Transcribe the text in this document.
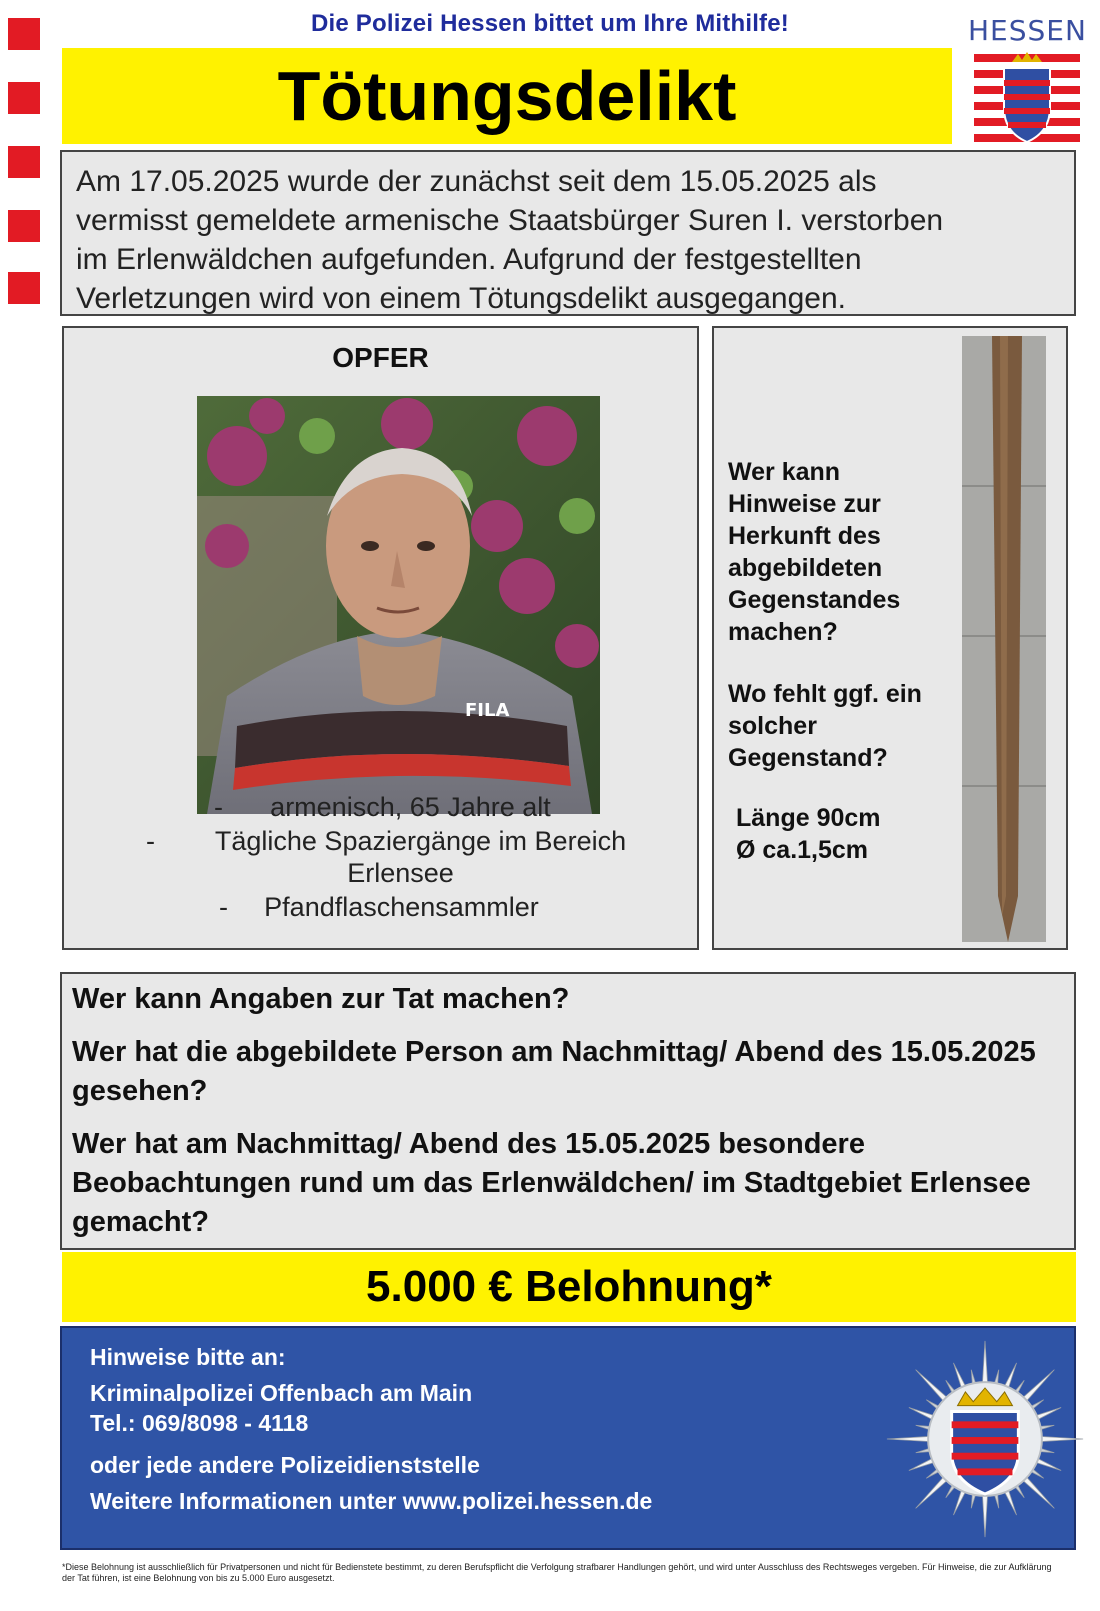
Die Polizei Hessen bittet um Ihre Mithilfe!
Tötungsdelikt
HESSEN
Am 17.05.2025 wurde der zunächst seit dem 15.05.2025 als
vermisst gemeldete armenische Staatsbürger Suren I. verstorben
im Erlenwäldchen aufgefunden. Aufgrund der festgestellten
Verletzungen wird von einem Tötungsdelikt ausgegangen.
OPFER
FILA
- armenisch, 65 Jahre alt
- Tägliche Spaziergänge im Bereich
Erlensee
- Pfandflaschensammler
Wer kann
Hinweise zur
Herkunft des
abgebildeten
Gegenstandes
machen?
Wo fehlt ggf. ein
solcher
Gegenstand?
Länge 90cm
Ø ca.1,5cm

Wer kann Angaben zur Tat machen?

Wer hat die abgebildete Person am Nachmittag/ Abend des 15.05.2025 gesehen?

Wer hat am Nachmittag/ Abend des 15.05.2025 besondere Beobachtungen rund um das Erlenwäldchen/ im Stadtgebiet Erlensee gemacht?

5.000 € Belohnung*
Hinweise bitte an:
Kriminalpolizei Offenbach am Main
Tel.: 069/8098 - 4118
oder jede andere Polizeidienststelle
Weitere Informationen unter www.polizei.hessen.de
*Diese Belohnung ist ausschließlich für Privatpersonen und nicht für Bedienstete bestimmt, zu deren Berufspflicht die Verfolgung strafbarer Handlungen gehört, und wird unter Ausschluss des Rechtsweges vergeben. Für Hinweise, die zur Aufklärung der Tat führen, ist eine Belohnung von bis zu 5.000 Euro ausgesetzt.
